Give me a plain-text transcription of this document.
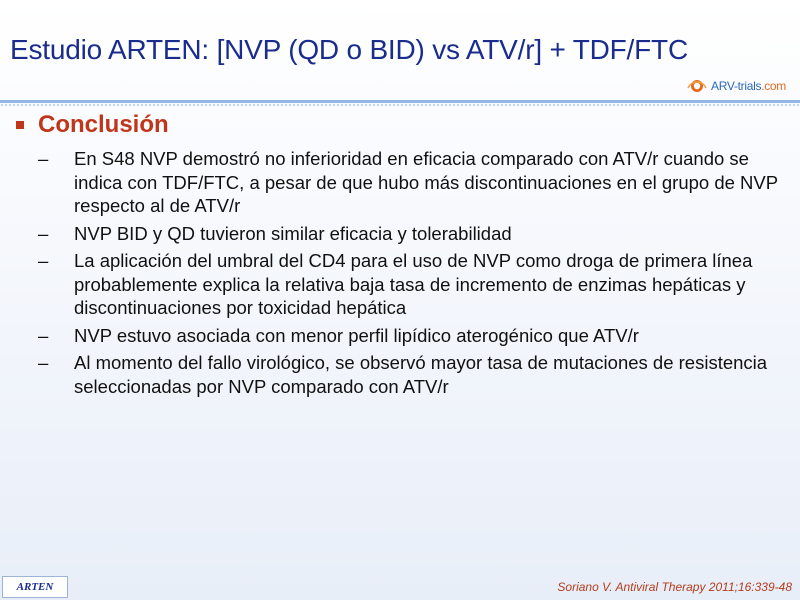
Estudio ARTEN: [NVP (QD o BID) vs ATV/r] + TDF/FTC
ARV-trials.com
Conclusión
–	En S48 NVP demostró no inferioridad en eficacia comparado con ATV/r cuando se indica con TDF/FTC, a pesar de que hubo más discontinuaciones en el grupo de NVP respecto al de ATV/r
–	NVP BID y QD tuvieron similar eficacia y tolerabilidad
–	La aplicación del umbral del CD4 para el uso de NVP como droga de primera línea probablemente explica la relativa baja tasa de incremento de enzimas hepáticas y discontinuaciones por toxicidad hepática
–	NVP estuvo asociada con menor perfil lipídico aterogénico que ATV/r
–	Al momento del fallo virológico, se observó mayor tasa de mutaciones de resistencia seleccionadas por NVP comparado con ATV/r
ARTEN	Soriano V. Antiviral Therapy 2011;16:339-48
